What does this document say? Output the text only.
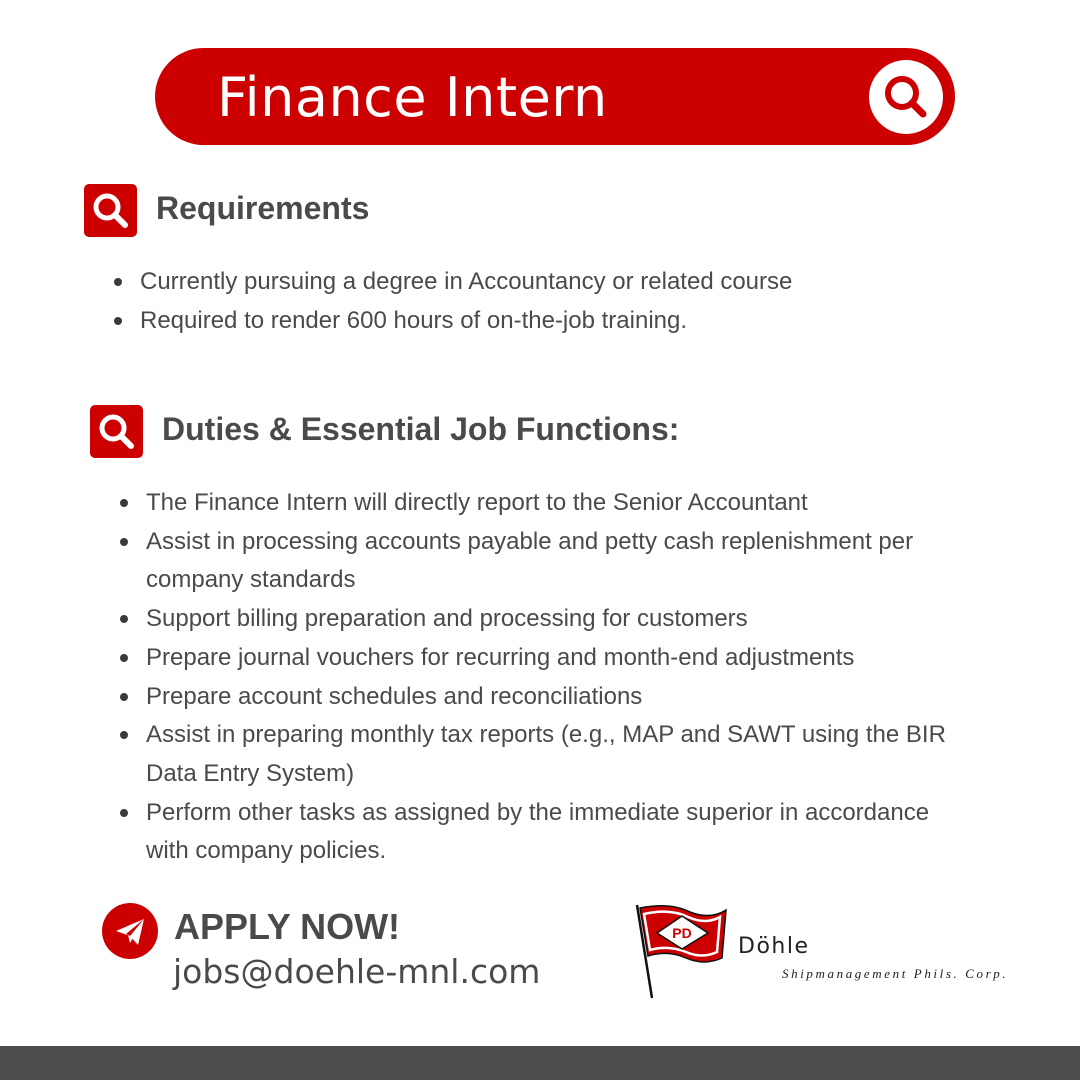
Finance Intern
Requirements
Currently pursuing a degree in Accountancy or related course
Required to render 600 hours of on-the-job training.
Duties & Essential Job Functions:
The Finance Intern will directly report to the Senior Accountant
Assist in processing accounts payable and petty cash replenishment per company standards
Support billing preparation and processing for customers
Prepare journal vouchers for recurring and month-end adjustments
Prepare account schedules and reconciliations
Assist in preparing monthly tax reports (e.g., MAP and SAWT using the BIR Data Entry System)
Perform other tasks as assigned by the immediate superior in accordance with company policies.
APPLY NOW!
jobs@doehle-mnl.com
PD
Döhle
Shipmanagement Phils. Corp.
